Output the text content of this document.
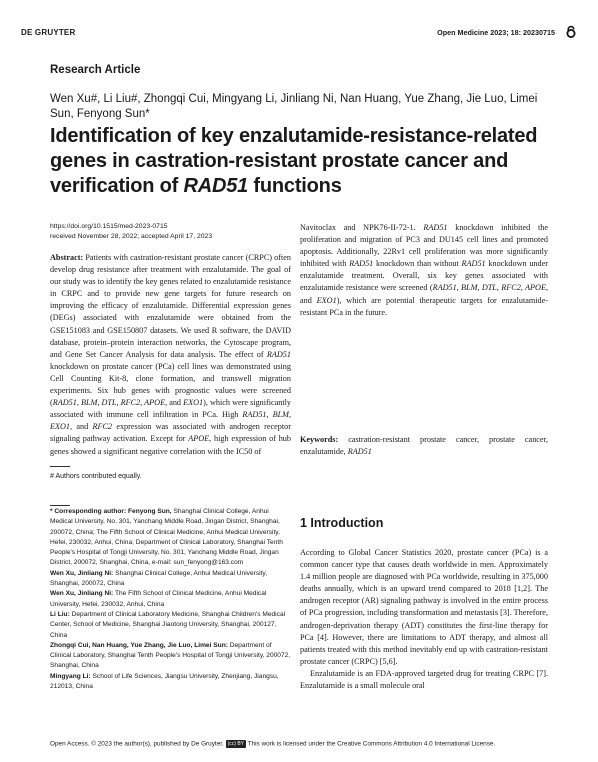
DE GRUYTER	Open Medicine 2023; 18: 20230715
Research Article
Wen Xu#, Li Liu#, Zhongqi Cui, Mingyang Li, Jinliang Ni, Nan Huang, Yue Zhang, Jie Luo, Limei Sun, Fenyong Sun*
Identification of key enzalutamide-resistance-related genes in castration-resistant prostate cancer and verification of RAD51 functions
https://doi.org/10.1515/med-2023-0715
received November 28, 2022; accepted April 17, 2023
Abstract: Patients with castration-resistant prostate cancer (CRPC) often develop drug resistance after treatment with enzalutamide. The goal of our study was to identify the key genes related to enzalutamide resistance in CRPC and to provide new gene targets for future research on improving the efficacy of enzalutamide. Differential expression genes (DEGs) associated with enzalutamide were obtained from the GSE151083 and GSE150807 datasets. We used R software, the DAVID database, protein–protein interaction networks, the Cytoscape program, and Gene Set Cancer Analysis for data analysis. The effect of RAD51 knockdown on prostate cancer (PCa) cell lines was demonstrated using Cell Counting Kit-8, clone formation, and transwell migration experiments. Six hub genes with prognostic values were screened (RAD51, BLM, DTL, RFC2, APOE, and EXO1), which were significantly associated with immune cell infiltration in PCa. High RAD51, BLM, EXO1, and RFC2 expression was associated with androgen receptor signaling pathway activation. Except for APOE, high expression of hub genes showed a significant negative correlation with the IC50 of
Navitoclax and NPK76-II-72-1. RAD51 knockdown inhibited the proliferation and migration of PC3 and DU145 cell lines and promoted apoptosis. Additionally, 22Rv1 cell proliferation was more significantly inhibited with RAD51 knockdown than without RAD51 knockdown under enzalutamide treatment. Overall, six key genes associated with enzalutamide resistance were screened (RAD51, BLM, DTL, RFC2, APOE, and EXO1), which are potential therapeutic targets for enzalutamide-resistant PCa in the future.
Keywords: castration-resistant prostate cancer, prostate cancer, enzalutamide, RAD51
# Authors contributed equally.
* Corresponding author: Fenyong Sun, Shanghai Clinical College, Anhui Medical University, No. 301, Yanchang Middle Road, Jingan District, Shanghai, 200072, China; The Fifth School of Clinical Medicine, Anhui Medical University, Hefei, 230032, Anhui, China; Department of Clinical Laboratory, Shanghai Tenth People's Hospital of Tongji University, No. 301, Yanchang Middle Road, Jingan District, 200072, Shanghai, China, e-mail: sun_fenyong@163.com
Wen Xu, Jinliang Ni: Shanghai Clinical College, Anhui Medical University, Shanghai, 200072, China
Wen Xu, Jinliang Ni: The Fifth School of Clinical Medicine, Anhui Medical University, Hefei, 230032, Anhui, China
Li Liu: Department of Clinical Laboratory Medicine, Shanghai Children's Medical Center, School of Medicine, Shanghai Jiaotong University, Shanghai, 200127, China
Zhongqi Cui, Nan Huang, Yue Zhang, Jie Luo, Limei Sun: Department of Clinical Laboratory, Shanghai Tenth People's Hospital of Tongji University, 200072, Shanghai, China
Mingyang Li: School of Life Sciences, Jiangsu University, Zhenjiang, Jiangsu, 212013, China
1 Introduction

According to Global Cancer Statistics 2020, prostate cancer (PCa) is a common cancer type that causes death worldwide in men. Approximately 1.4 million people are diagnosed with PCa worldwide, resulting in 375,000 deaths annually, which is an upward trend compared to 2018 [1,2]. The androgen receptor (AR) signaling pathway is involved in the entire process of PCa progression, including transformation and metastasis [3]. Therefore, androgen-deprivation therapy (ADT) constitutes the first-line therapy for PCa [4]. However, there are limitations to ADT therapy, and almost all patients treated with this method inevitably end up with castration-resistant prostate cancer (CRPC) [5,6].

Enzalutamide is an FDA-approved targeted drug for treating CRPC [7]. Enzalutamide is a small molecule oral

Open Access. © 2023 the author(s), published by De Gruyter. (cc) BY This work is licensed under the Creative Commons Attribution 4.0 International License.
